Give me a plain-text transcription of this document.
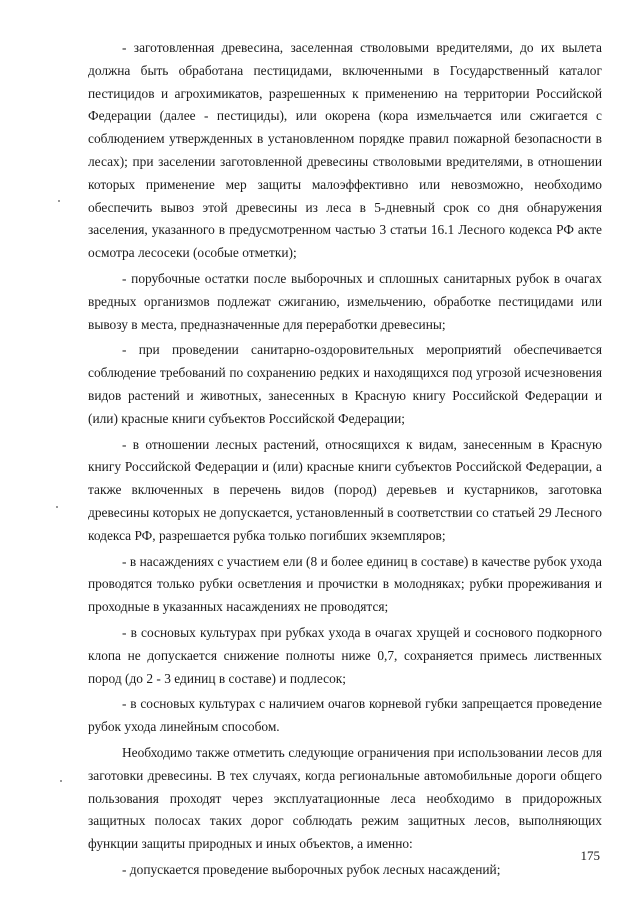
- заготовленная древесина, заселенная стволовыми вредителями, до их вылета должна быть обработана пестицидами, включенными в Государственный каталог пестицидов и агрохимикатов, разрешенных к применению на территории Российской Федерации (далее - пестициды), или окорена (кора измельчается или сжигается с соблюдением утвержденных в установленном порядке правил пожарной безопасности в лесах); при заселении заготовленной древесины стволовыми вредителями, в отношении которых применение мер защиты малоэффективно или невозможно, необходимо обеспечить вывоз этой древесины из леса в 5-дневный срок со дня обнаружения заселения, указанного в предусмотренном частью 3 статьи 16.1 Лесного кодекса РФ акте осмотра лесосеки (особые отметки);

- порубочные остатки после выборочных и сплошных санитарных рубок в очагах вредных организмов подлежат сжиганию, измельчению, обработке пестицидами или вывозу в места, предназначенные для переработки древесины;

- при проведении санитарно-оздоровительных мероприятий обеспечивается соблюдение требований по сохранению редких и находящихся под угрозой исчезновения видов растений и животных, занесенных в Красную книгу Российской Федерации и (или) красные книги субъектов Российской Федерации;

- в отношении лесных растений, относящихся к видам, занесенным в Красную книгу Российской Федерации и (или) красные книги субъектов Российской Федерации, а также включенных в перечень видов (пород) деревьев и кустарников, заготовка древесины которых не допускается, установленный в соответствии со статьей 29 Лесного кодекса РФ, разрешается рубка только погибших экземпляров;

- в насаждениях с участием ели (8 и более единиц в составе) в качестве рубок ухода проводятся только рубки осветления и прочистки в молодняках; рубки прореживания и проходные в указанных насаждениях не проводятся;

- в сосновых культурах при рубках ухода в очагах хрущей и соснового подкорного клопа не допускается снижение полноты ниже 0,7, сохраняется примесь лиственных пород (до 2 - 3 единиц в составе) и подлесок;

- в сосновых культурах с наличием очагов корневой губки запрещается проведение рубок ухода линейным способом.

Необходимо также отметить следующие ограничения при использовании лесов для заготовки древесины. В тех случаях, когда региональные автомобильные дороги общего пользования проходят через эксплуатационные леса необходимо в придорожных защитных полосах таких дорог соблюдать режим защитных лесов, выполняющих функции защиты природных и иных объектов, а именно:

- допускается проведение выборочных рубок лесных насаждений;

175
